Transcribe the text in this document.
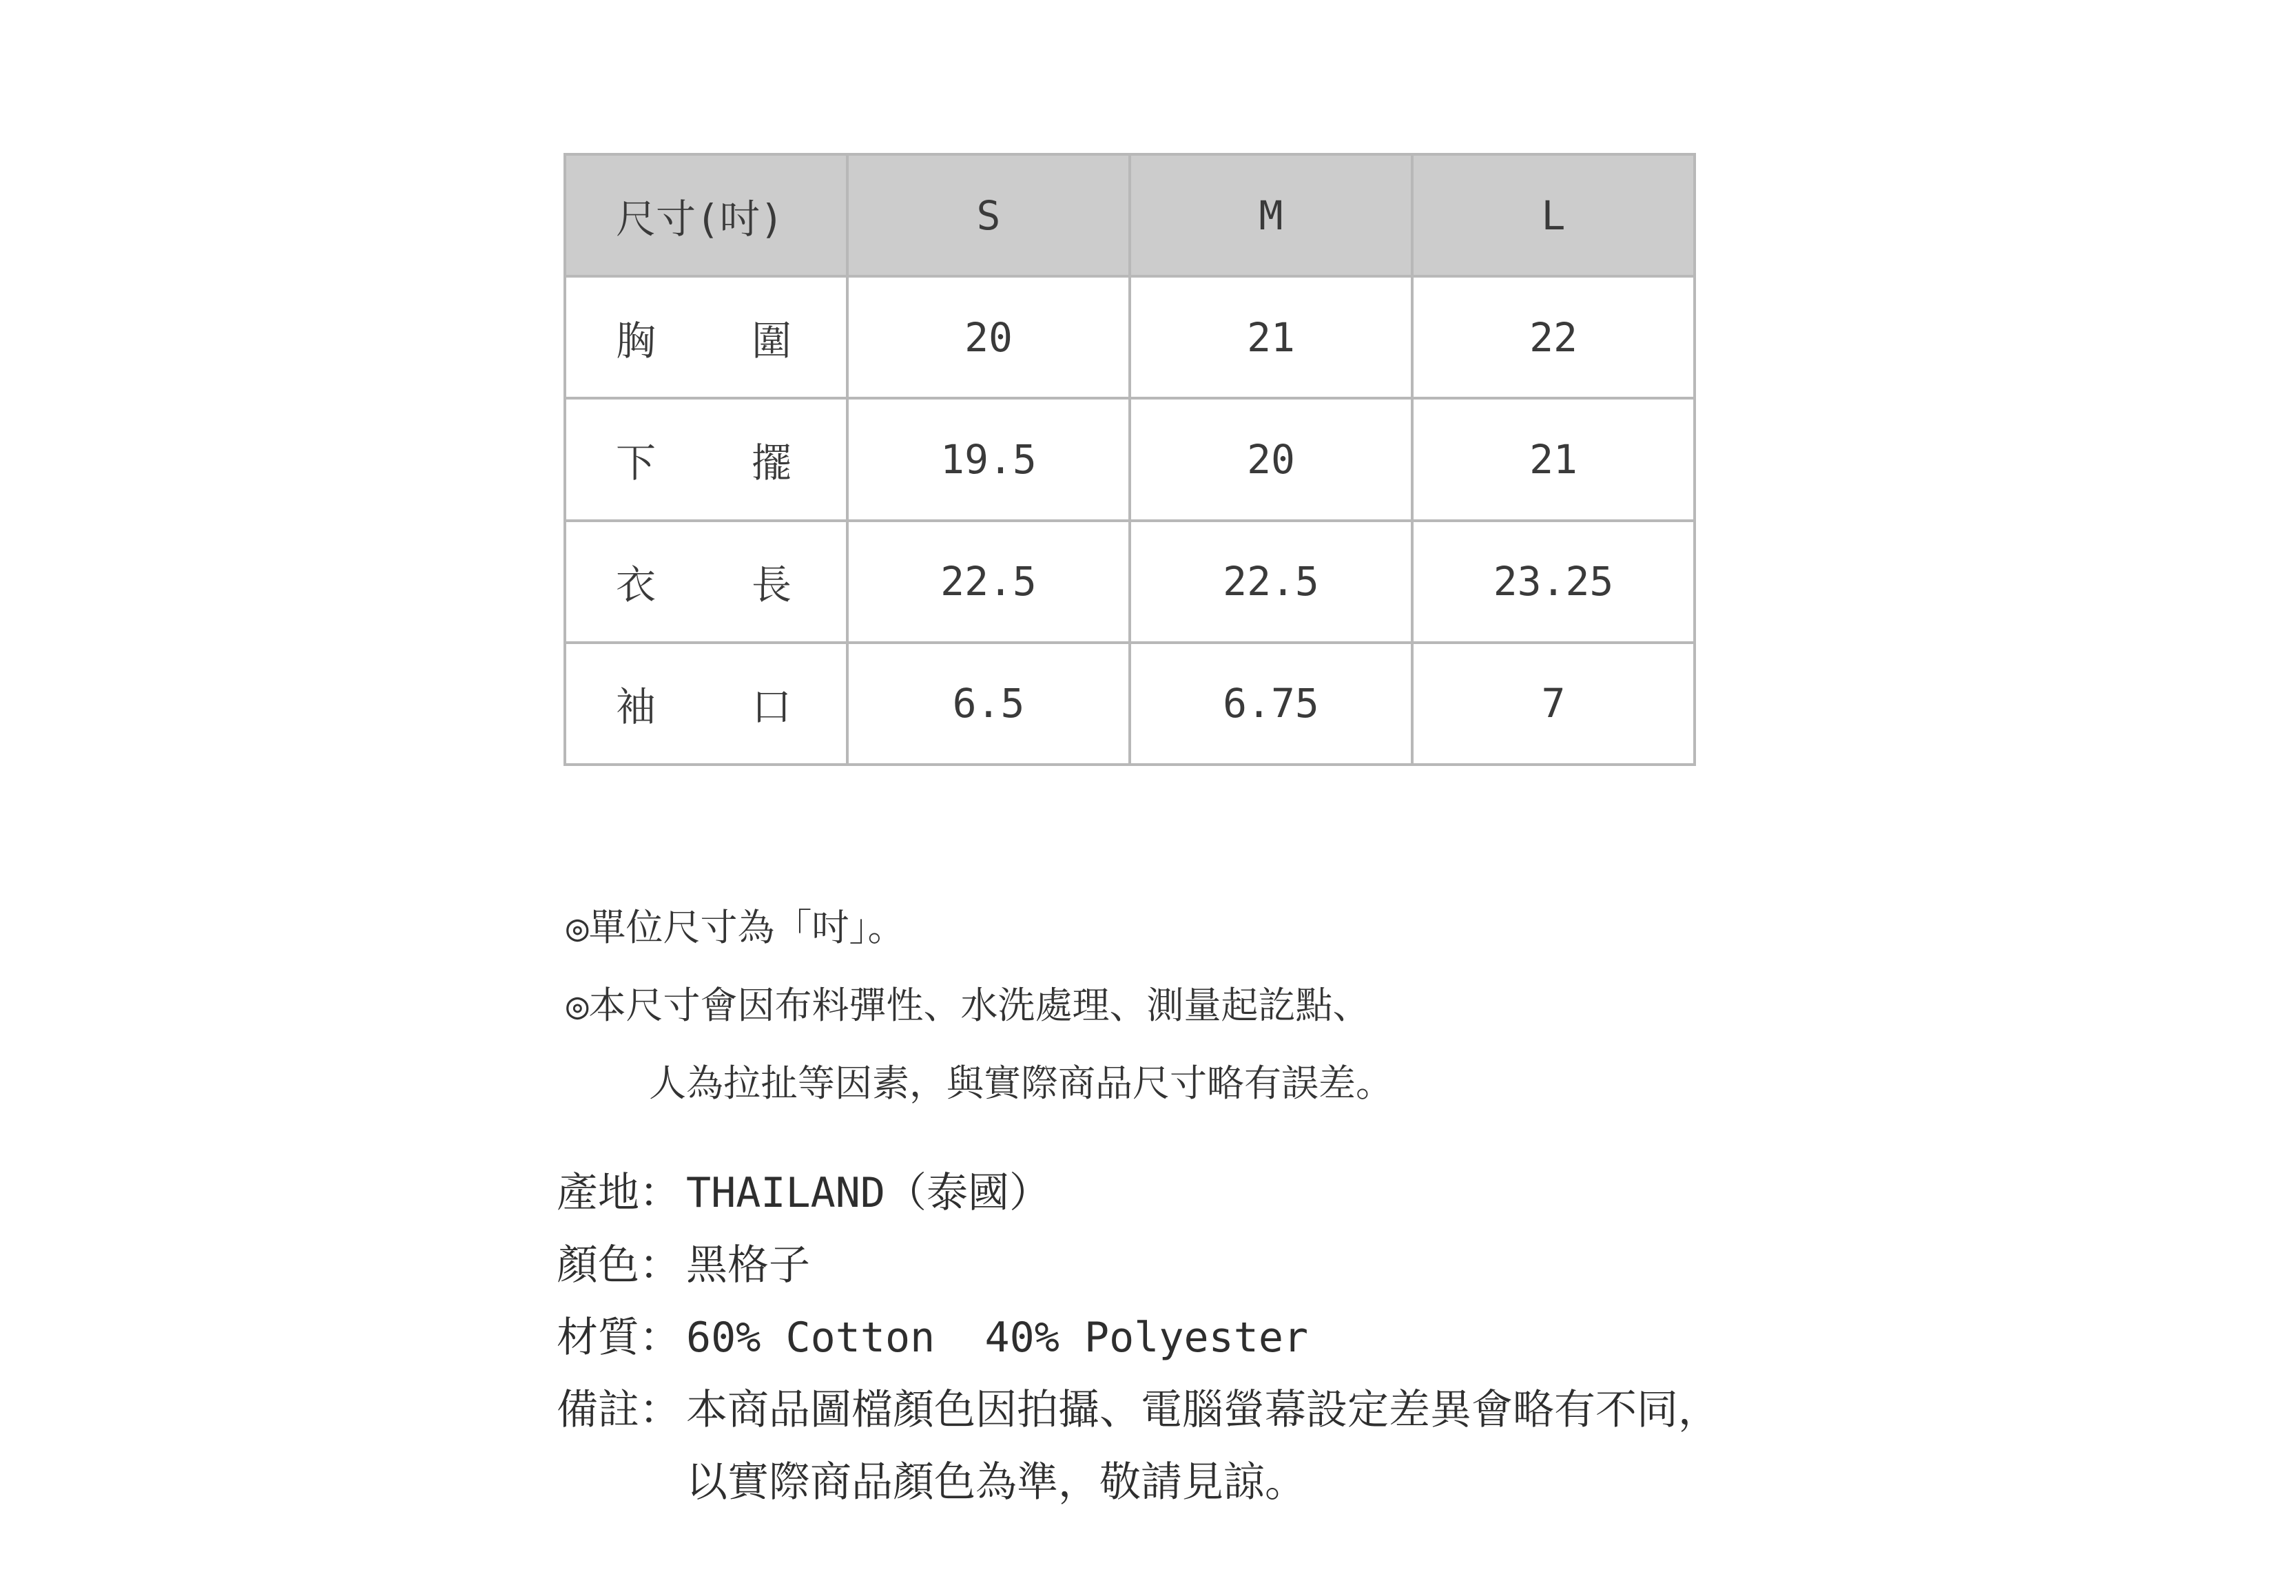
尺寸(吋)	S	M	L

胸 圍	20	21	22

下 擺	19.5	20	21

衣 長	22.5	22.5	23.25

袖 口	6.5	6.75	7
◎單位尺寸為「吋」。
◎本尺寸會因布料彈性、水洗處理、測量起訖點、
人為拉扯等因素，與實際商品尺寸略有誤差。
產地： THAILAND（泰國）
顏色： 黑格子
材質： 60% Cotton  40% Polyester
備註： 本商品圖檔顏色因拍攝、電腦螢幕設定差異會略有不同，
以實際商品顏色為準，敬請見諒。
